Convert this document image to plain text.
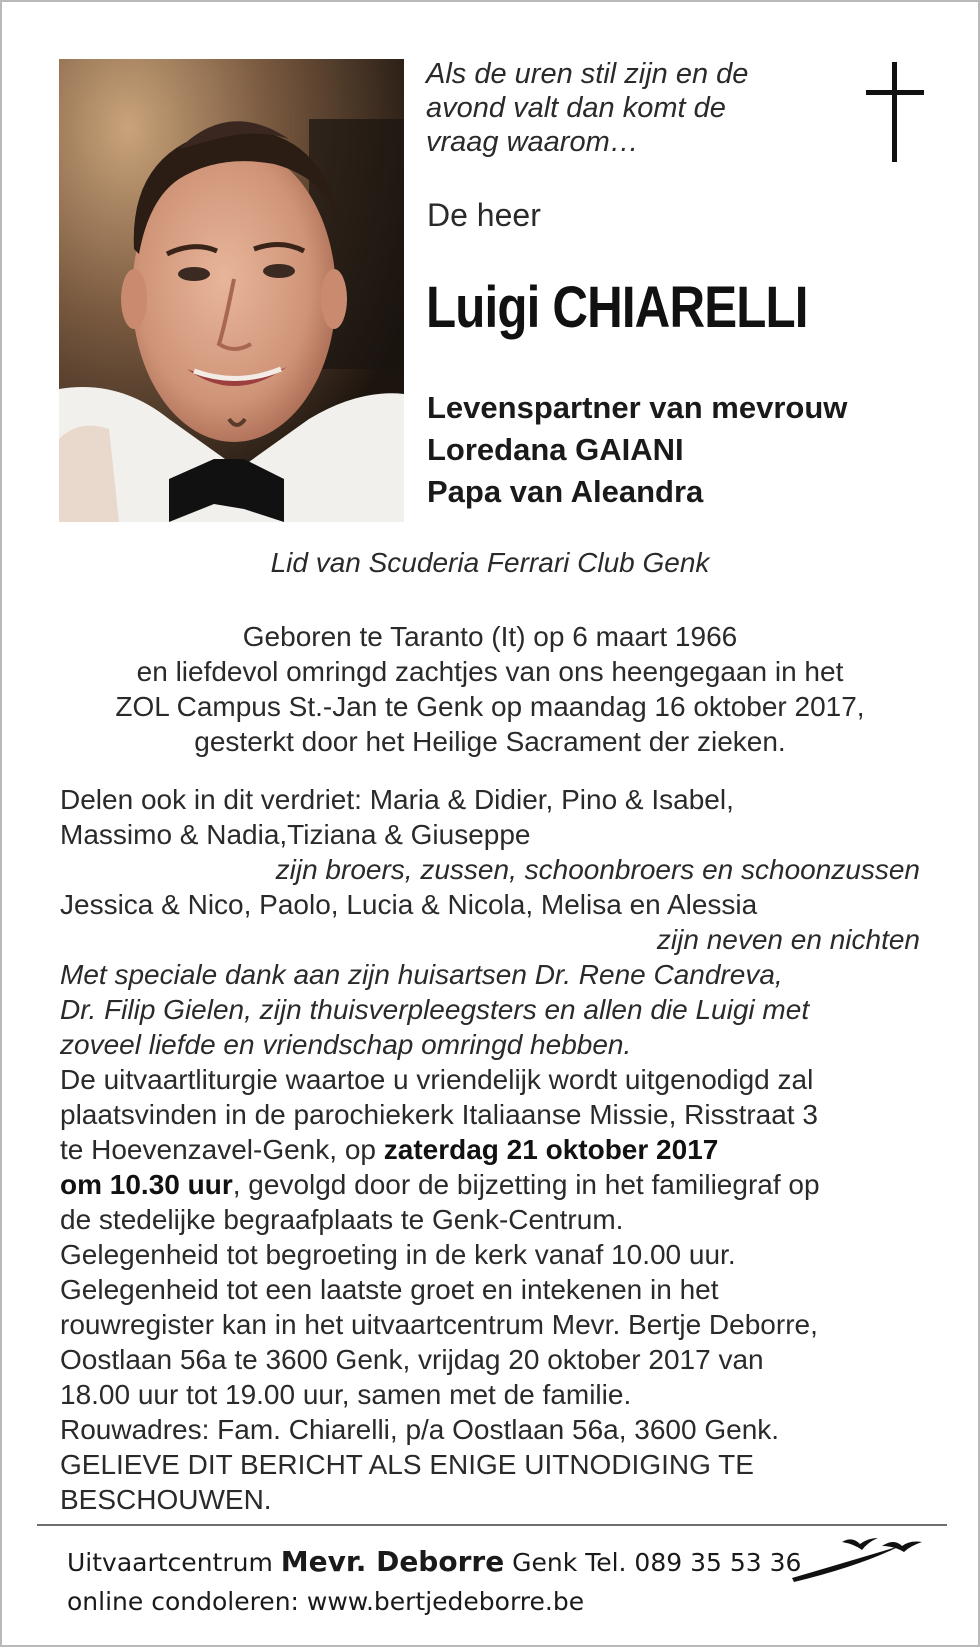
Als de uren stil zijn en de
avond valt dan komt de
vraag waarom…
De heer
Luigi CHIARELLI
Levenspartner van mevrouw
Loredana GAIANI
Papa van Aleandra
Lid van Scuderia Ferrari Club Genk
Geboren te Taranto (It) op 6 maart 1966
en liefdevol omringd zachtjes van ons heengegaan in het
ZOL Campus St.-Jan te Genk op maandag 16 oktober 2017,
gesterkt door het Heilige Sacrament der zieken.
Delen ook in dit verdriet: Maria & Didier, Pino & Isabel,
Massimo & Nadia,Tiziana & Giuseppe
zijn broers, zussen, schoonbroers en schoonzussen
Jessica & Nico, Paolo, Lucia & Nicola, Melisa en Alessia
zijn neven en nichten
Met speciale dank aan zijn huisartsen Dr. Rene Candreva,
Dr. Filip Gielen, zijn thuisverpleegsters en allen die Luigi met
zoveel liefde en vriendschap omringd hebben.
De uitvaartliturgie waartoe u vriendelijk wordt uitgenodigd zal
plaatsvinden in de parochiekerk Italiaanse Missie, Risstraat 3
te Hoevenzavel-Genk, op zaterdag 21 oktober 2017
om 10.30 uur, gevolgd door de bijzetting in het familiegraf op
de stedelijke begraafplaats te Genk-Centrum.
Gelegenheid tot begroeting in de kerk vanaf 10.00 uur.
Gelegenheid tot een laatste groet en intekenen in het
rouwregister kan in het uitvaartcentrum Mevr. Bertje Deborre,
Oostlaan 56a te 3600 Genk, vrijdag 20 oktober 2017 van
18.00 uur tot 19.00 uur, samen met de familie.
Rouwadres: Fam. Chiarelli, p/a Oostlaan 56a, 3600 Genk.
GELIEVE DIT BERICHT ALS ENIGE UITNODIGING TE
BESCHOUWEN.
Uitvaartcentrum Mevr. Deborre Genk Tel. 089 35 53 36
online condoleren: www.bertjedeborre.be
